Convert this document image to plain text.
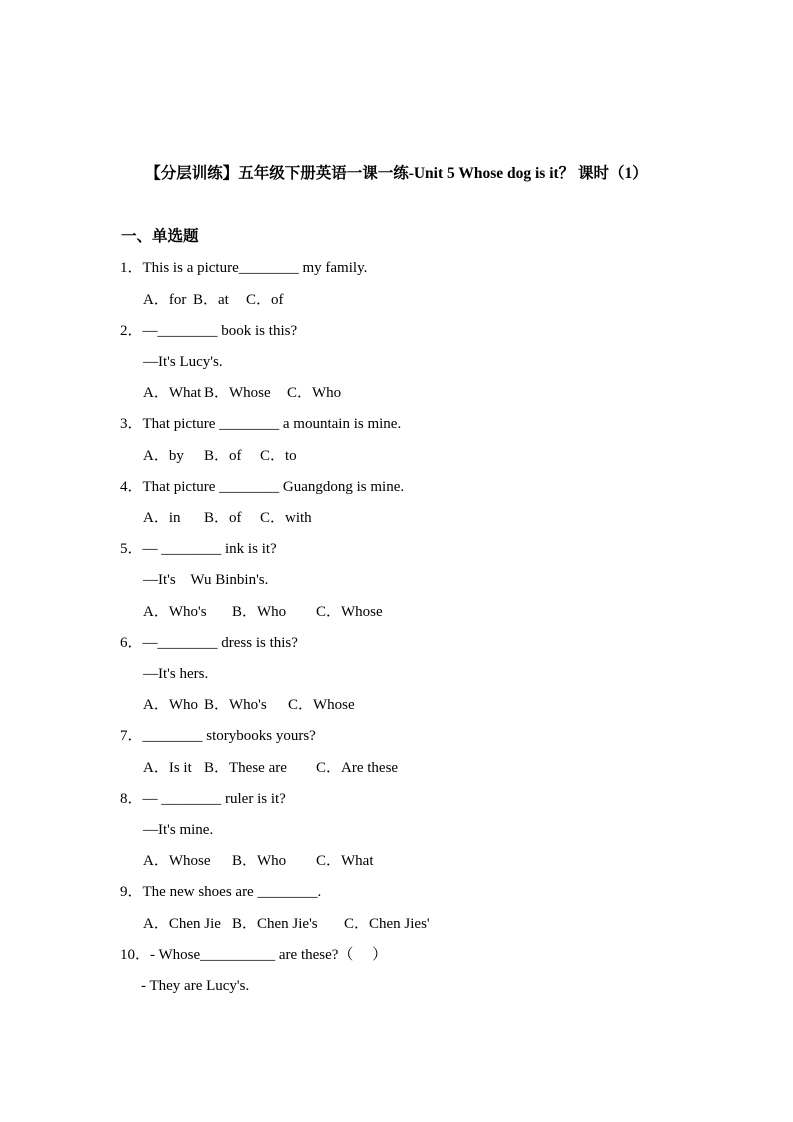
【分层训练】五年级下册英语一课一练-Unit 5 Whose dog is it？ 课时（1）
一、单选题
1．This is a picture________ my family.
A．for B．at C．of
2．—________ book is this?
—It's Lucy's.
A．What B．Whose C．Who
3．That picture ________ a mountain is mine.
A．by B．of C．to
4．That picture ________ Guangdong is mine.
A．in B．of C．with
5．— ________ ink is it?
—It's    Wu Binbin's.
A．Who's B．Who C．Whose
6．—________ dress is this?
—It's hers.
A．Who B．Who's C．Whose
7．________ storybooks yours?
A．Is it B．These are C．Are these
8．— ________ ruler is it?
—It's mine.
A．Whose B．Who C．What
9．The new shoes are ________.
A．Chen Jie B．Chen Jie's C．Chen Jies'
10．- Whose__________ are these?（     ）
- They are Lucy's.
